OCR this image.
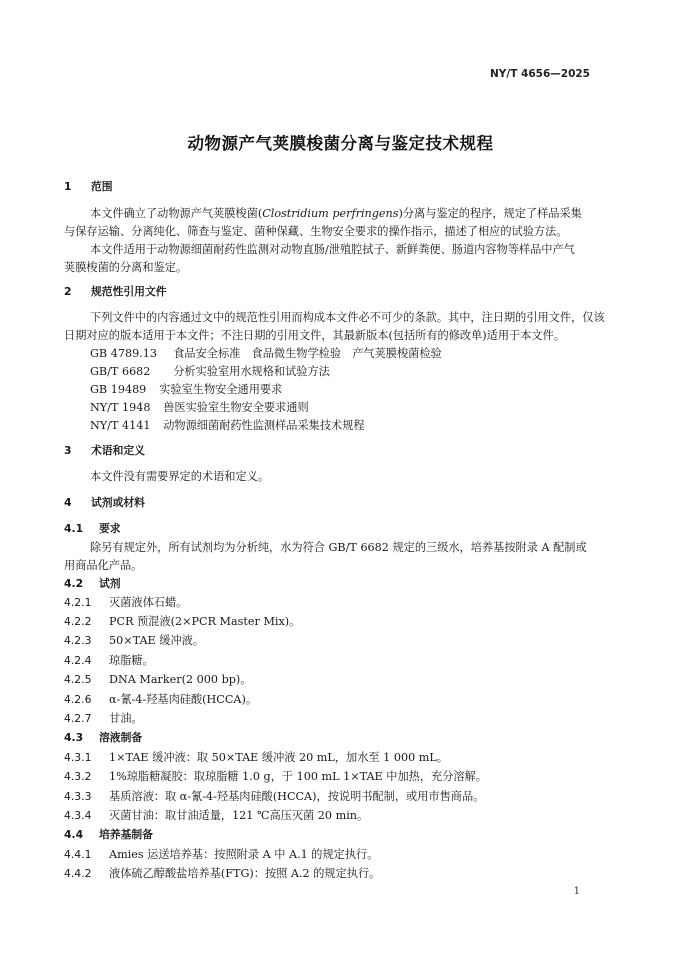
NY/T 4656—2025
动物源产气荚膜梭菌分离与鉴定技术规程
1 范围
本文件确立了动物源产气荚膜梭菌(Clostridium perfringens)分离与鉴定的程序，规定了样品采集
与保存运输、分离纯化、筛查与鉴定、菌种保藏、生物安全要求的操作指示，描述了相应的试验方法。
本文件适用于动物源细菌耐药性监测对动物直肠/泄殖腔拭子、新鲜粪便、肠道内容物等样品中产气
荚膜梭菌的分离和鉴定。
2 规范性引用文件
下列文件中的内容通过文中的规范性引用而构成本文件必不可少的条款。其中，注日期的引用文件，仅该
日期对应的版本适用于本文件；不注日期的引用文件，其最新版本(包括所有的修改单)适用于本文件。
GB 4789.13　 食品安全标准　食品微生物学检验　产气荚膜梭菌检验
GB/T 6682　 分析实验室用水规格和试验方法
GB 19489　 实验室生物安全通用要求
NY/T 1948　 兽医实验室生物安全要求通则
NY/T 4141　 动物源细菌耐药性监测样品采集技术规程
3 术语和定义
本文件没有需要界定的术语和定义。
4 试剂或材料
4.1 要求
除另有规定外，所有试剂均为分析纯，水为符合 GB/T 6682 规定的三级水，培养基按附录 A 配制或
用商品化产品。
4.2 试剂
4.2.1 灭菌液体石蜡。
4.2.2 PCR 预混液(2×PCR Master Mix)。
4.2.3 50×TAE 缓冲液。
4.2.4 琼脂糖。
4.2.5 DNA Marker(2 000 bp)。
4.2.6 α-氰-4-羟基肉硅酸(HCCA)。
4.2.7 甘油。
4.3 溶液制备
4.3.1 1×TAE 缓冲液：取 50×TAE 缓冲液 20 mL，加水至 1 000 mL。
4.3.2 1%琼脂糖凝胶：取琼脂糖 1.0 g，于 100 mL 1×TAE 中加热，充分溶解。
4.3.3 基质溶液：取 α-氰-4-羟基肉硅酸(HCCA)，按说明书配制，或用市售商品。
4.3.4 灭菌甘油：取甘油适量，121 ℃高压灭菌 20 min。
4.4 培养基制备
4.4.1 Amies 运送培养基：按照附录 A 中 A.1 的规定执行。
4.4.2 液体硫乙醇酸盐培养基(FTG)：按照 A.2 的规定执行。
1
